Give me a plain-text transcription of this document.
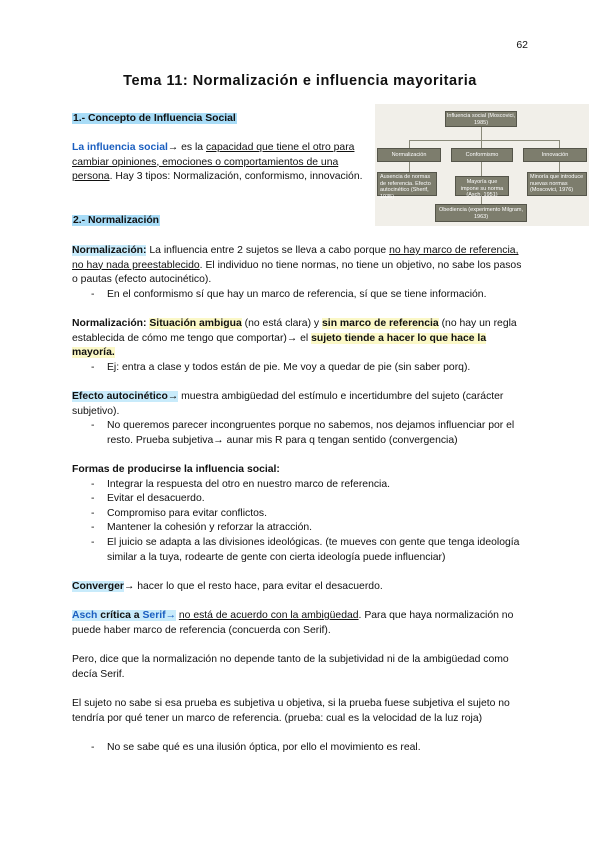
62
Tema 11: Normalización e influencia mayoritaria
1.- Concepto de Influencia Social

La influencia social→ es la capacidad que tiene el otro para cambiar opiniones, emociones o comportamientos de una persona. Hay 3 tipos: Normalización, conformismo, innovación.

Influencia social (Moscovici, 1985)
Normalización	Conformismo	Innovación
Ausencia de normas de referencia. Efecto autocinético (Sherif, 1935)
Mayoría que impone su norma (Asch, 1951)
Minoría que introduce nuevas normas (Moscovici, 1976)
Obediencia (experimento Milgram, 1963)
2.- Normalización

Normalización: La influencia entre 2 sujetos se lleva a cabo porque no hay marco de referencia, no hay nada preestablecido. El individuo no tiene normas, no tiene un objetivo, no sabe los pasos o pautas (efecto autocinético).

- En el conformismo sí que hay un marco de referencia, sí que se tiene información.

Normalización: Situación ambigua (no está clara) y sin marco de referencia (no hay un regla establecida de cómo me tengo que comportar)→ el sujeto tiende a hacer lo que hace la mayoría.

- Ej: entra a clase y todos están de pie. Me voy a quedar de pie (sin saber porq).

Efecto autocinético→ muestra ambigüedad del estímulo e incertidumbre del sujeto (carácter subjetivo).

- No queremos parecer incongruentes porque no sabemos, nos dejamos influenciar por el resto. Prueba subjetiva→ aunar mis R para q tengan sentido (convergencia)

Formas de producirse la influencia social:

- Integrar la respuesta del otro en nuestro marco de referencia.
- Evitar el desacuerdo.
- Compromiso para evitar conflictos.
- Mantener la cohesión y reforzar la atracción.
- El juicio se adapta a las divisiones ideológicas. (te mueves con gente que tenga ideología similar a la tuya, rodearte de gente con cierta ideología puede influenciar)

Converger→ hacer lo que el resto hace, para evitar el desacuerdo.

Asch crítica a Serif→ no está de acuerdo con la ambigüedad. Para que haya normalización no puede haber marco de referencia (concuerda con Serif).

Pero, dice que la normalización no depende tanto de la subjetividad ni de la ambigüedad como decía Serif.

El sujeto no sabe si esa prueba es subjetiva u objetiva, si la prueba fuese subjetiva el sujeto no tendría por qué tener un marco de referencia. (prueba: cual es la velocidad de la luz roja)

- No se sabe qué es una ilusión óptica, por ello el movimiento es real.
